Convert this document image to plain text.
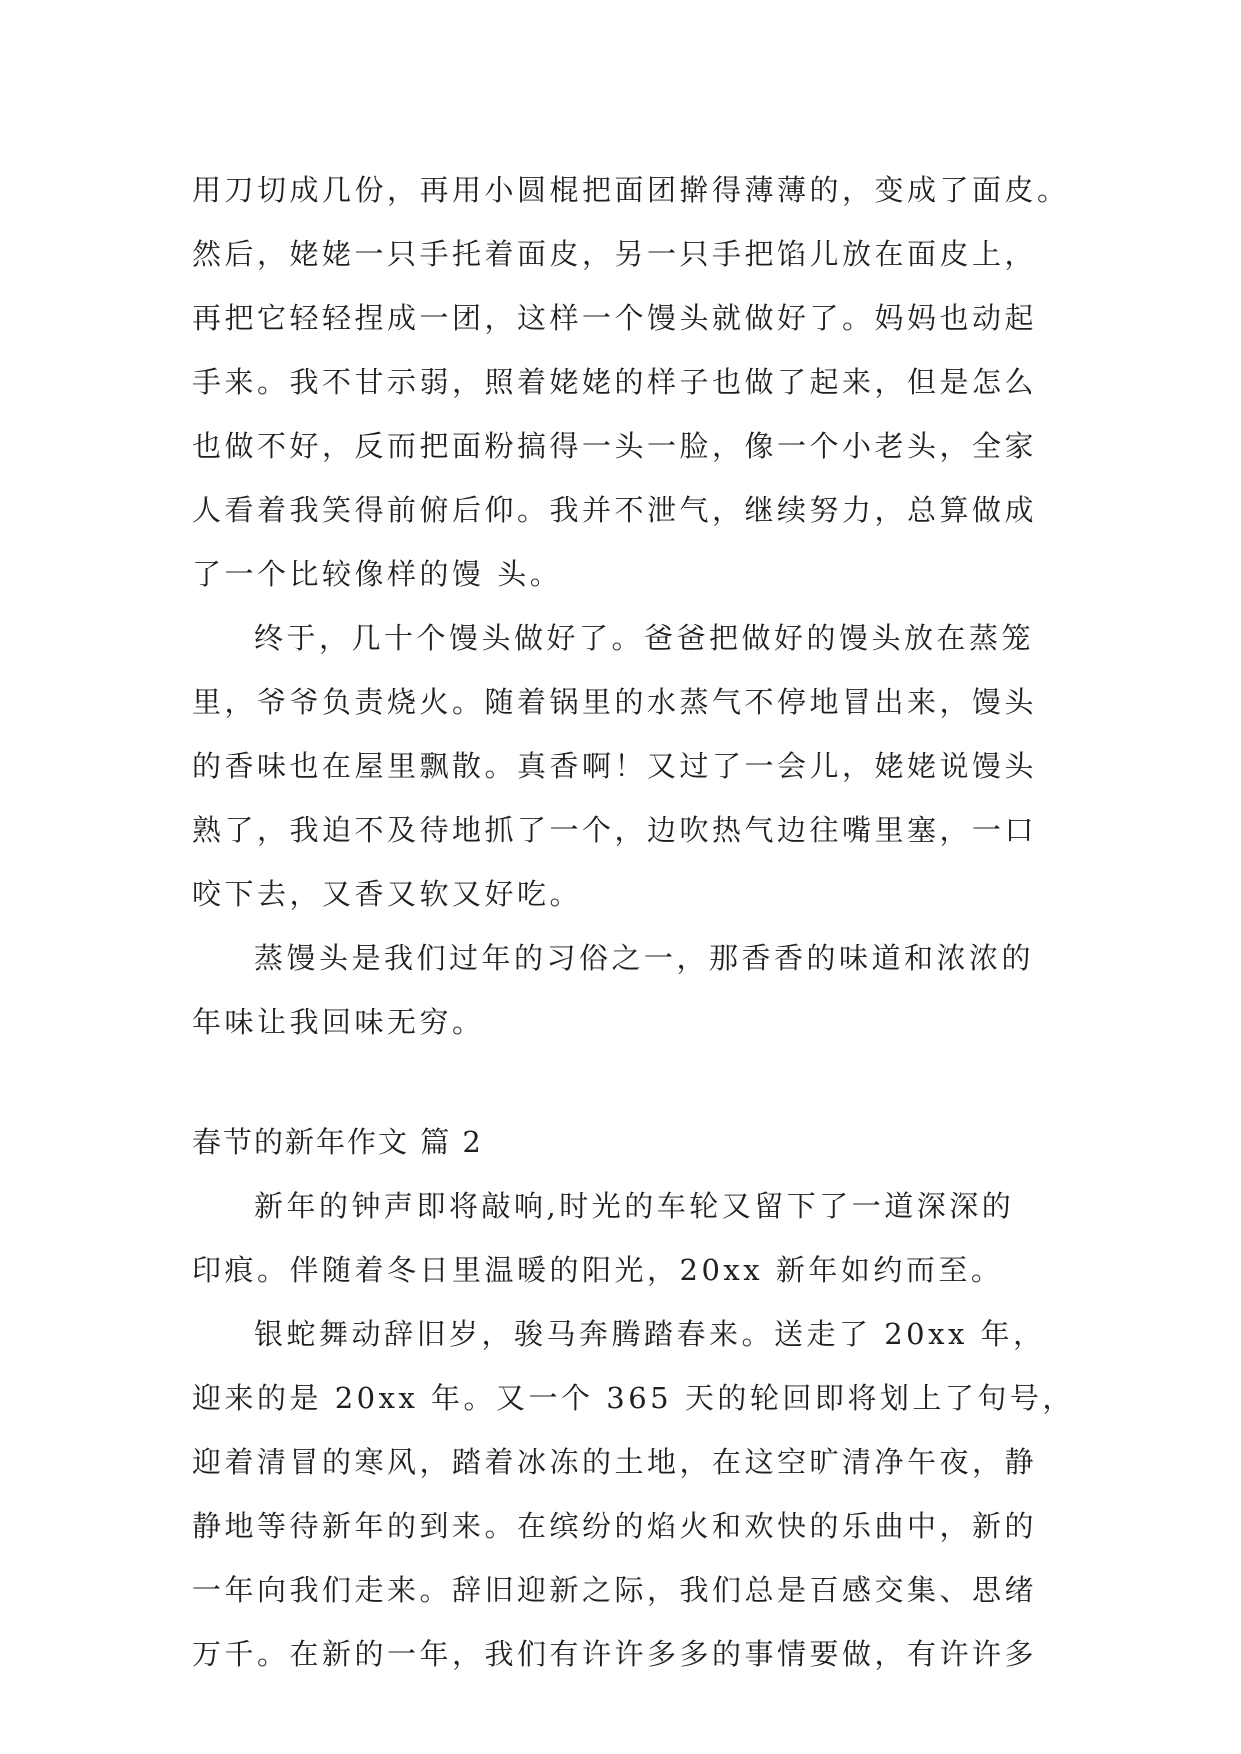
用刀切成几份，再用小圆棍把面团擀得薄薄的，变成了面皮。
然后，姥姥一只手托着面皮，另一只手把馅儿放在面皮上，
再把它轻轻捏成一团，这样一个馒头就做好了。妈妈也动起
手来。我不甘示弱，照着姥姥的样子也做了起来，但是怎么
也做不好，反而把面粉搞得一头一脸，像一个小老头，全家
人看着我笑得前俯后仰。我并不泄气，继续努力，总算做成
了一个比较像样的馒 头。
终于，几十个馒头做好了。爸爸把做好的馒头放在蒸笼
里，爷爷负责烧火。随着锅里的水蒸气不停地冒出来，馒头
的香味也在屋里飘散。真香啊！又过了一会儿，姥姥说馒头
熟了，我迫不及待地抓了一个，边吹热气边往嘴里塞，一口
咬下去，又香又软又好吃。
蒸馒头是我们过年的习俗之一，那香香的味道和浓浓的
年味让我回味无穷。
春节的新年作文 篇 2
新年的钟声即将敲响,时光的车轮又留下了一道深深的
印痕。伴随着冬日里温暖的阳光，20xx 新年如约而至。
银蛇舞动辞旧岁，骏马奔腾踏春来。送走了 20xx 年，
迎来的是 20xx 年。又一个 365 天的轮回即将划上了句号，
迎着清冒的寒风，踏着冰冻的土地，在这空旷清净午夜，静
静地等待新年的到来。在缤纷的焰火和欢快的乐曲中，新的
一年向我们走来。辞旧迎新之际，我们总是百感交集、思绪
万千。在新的一年，我们有许许多多的事情要做，有许许多
